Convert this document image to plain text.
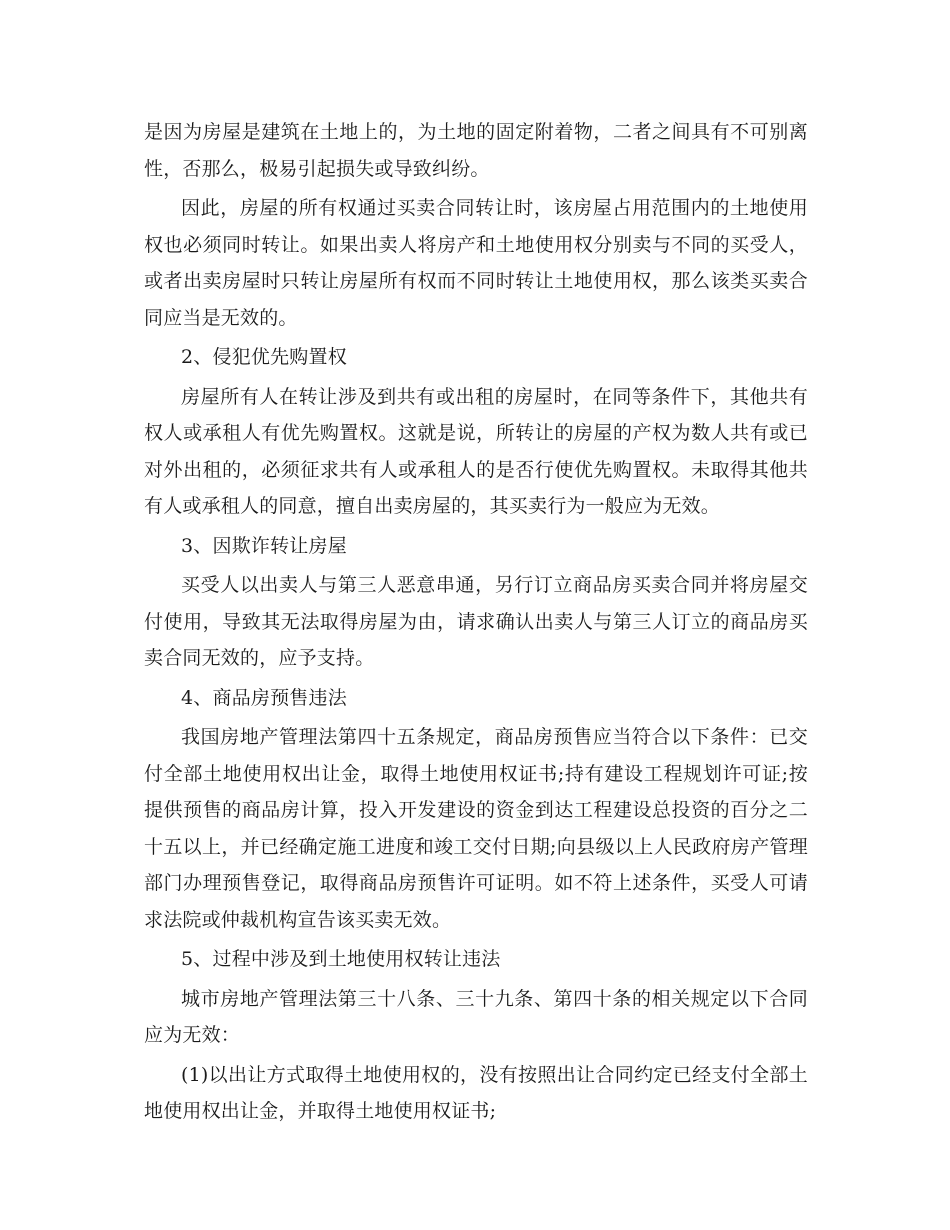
是因为房屋是建筑在土地上的，为土地的固定附着物，二者之间具有不可别离性，否那么，极易引起损失或导致纠纷。

因此，房屋的所有权通过买卖合同转让时，该房屋占用范围内的土地使用权也必须同时转让。如果出卖人将房产和土地使用权分别卖与不同的买受人，或者出卖房屋时只转让房屋所有权而不同时转让土地使用权，那么该类买卖合同应当是无效的。

2、侵犯优先购置权

房屋所有人在转让涉及到共有或出租的房屋时，在同等条件下，其他共有权人或承租人有优先购置权。这就是说，所转让的房屋的产权为数人共有或已对外出租的，必须征求共有人或承租人的是否行使优先购置权。未取得其他共有人或承租人的同意，擅自出卖房屋的，其买卖行为一般应为无效。

3、因欺诈转让房屋

买受人以出卖人与第三人恶意串通，另行订立商品房买卖合同并将房屋交付使用，导致其无法取得房屋为由，请求确认出卖人与第三人订立的商品房买卖合同无效的，应予支持。

4、商品房预售违法

我国房地产管理法第四十五条规定，商品房预售应当符合以下条件：已交付全部土地使用权出让金，取得土地使用权证书;持有建设工程规划许可证;按提供预售的商品房计算，投入开发建设的资金到达工程建设总投资的百分之二十五以上，并已经确定施工进度和竣工交付日期;向县级以上人民政府房产管理部门办理预售登记，取得商品房预售许可证明。如不符上述条件，买受人可请求法院或仲裁机构宣告该买卖无效。

5、过程中涉及到土地使用权转让违法

城市房地产管理法第三十八条、三十九条、第四十条的相关规定以下合同应为无效：

(1)以出让方式取得土地使用权的，没有按照出让合同约定已经支付全部土地使用权出让金，并取得土地使用权证书;
